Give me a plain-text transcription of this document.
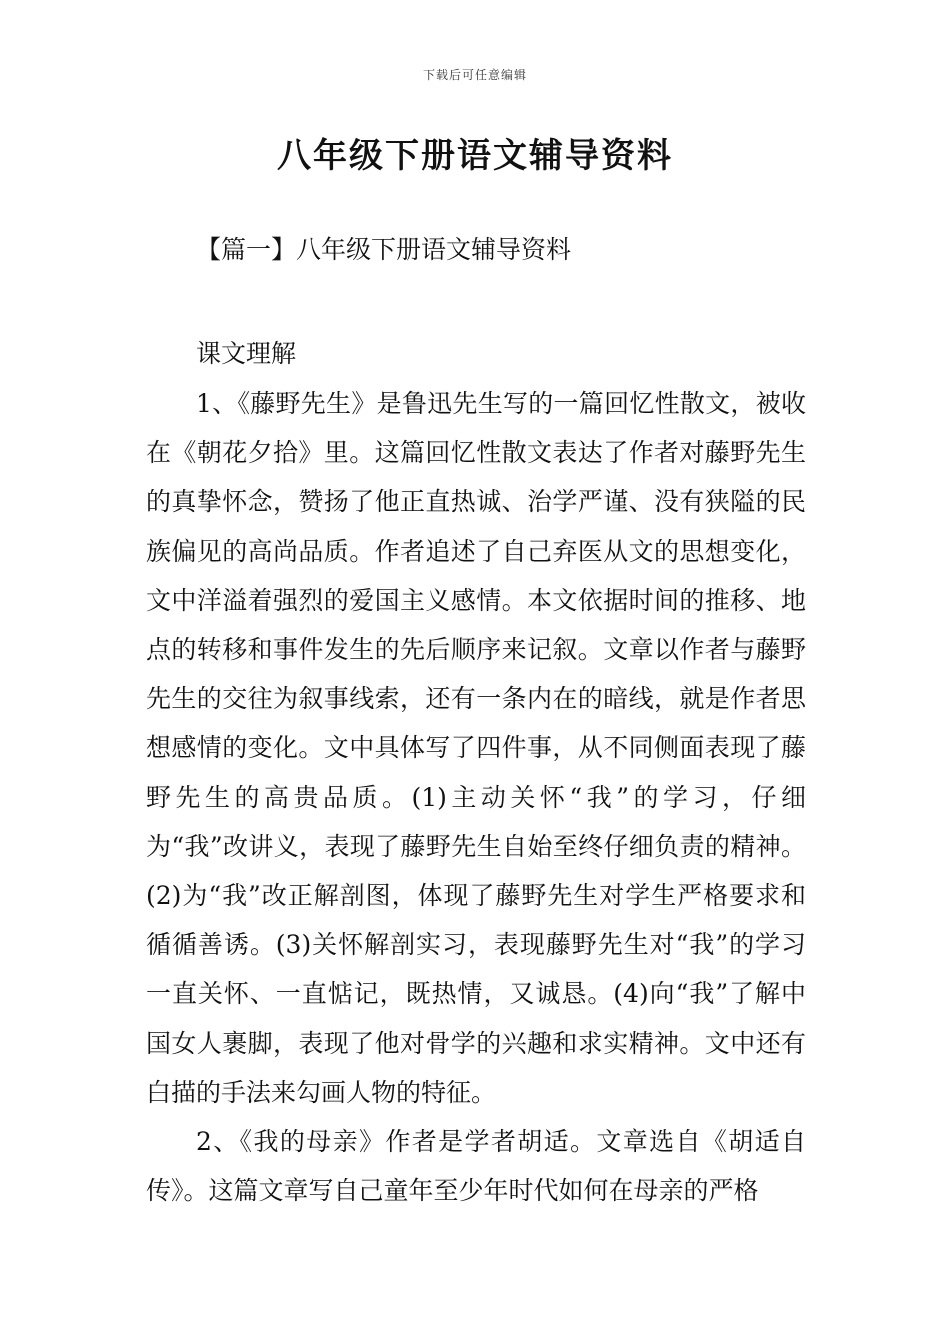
下载后可任意编辑
八年级下册语文辅导资料
【篇一】八年级下册语文辅导资料
课文理解

1、《藤野先生》是鲁迅先生写的一篇回忆性散文，被收在《朝花夕拾》里。这篇回忆性散文表达了作者对藤野先生的真挚怀念，赞扬了他正直热诚、治学严谨、没有狭隘的民族偏见的高尚品质。作者追述了自己弃医从文的思想变化，文中洋溢着强烈的爱国主义感情。本文依据时间的推移、地点的转移和事件发生的先后顺序来记叙。文章以作者与藤野先生的交往为叙事线索，还有一条内在的暗线，就是作者思想感情的变化。文中具体写了四件事，从不同侧面表现了藤野先生的高贵品质。(1)主动关怀“我”的学习，仔细为“我”改讲义，表现了藤野先生自始至终仔细负责的精神。(2)为“我”改正解剖图，体现了藤野先生对学生严格要求和循循善诱。(3)关怀解剖实习，表现藤野先生对“我”的学习一直关怀、一直惦记，既热情，又诚恳。(4)向“我”了解中国女人裹脚，表现了他对骨学的兴趣和求实精神。文中还有白描的手法来勾画人物的特征。

2、《我的母亲》作者是学者胡适。文章选自《胡适自传》。这篇文章写自己童年至少年时代如何在母亲的严格
